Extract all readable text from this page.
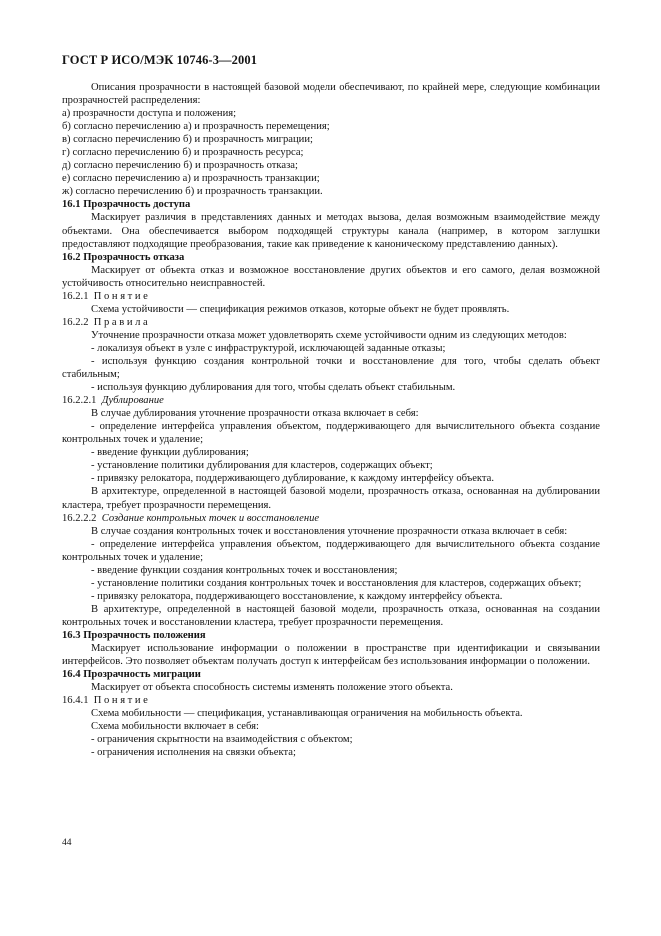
ГОСТ Р ИСО/МЭК 10746-3—2001

Описания прозрачности в настоящей базовой модели обеспечивают, по крайней мере, следующие комбинации прозрачностей распределения:

а) прозрачности доступа и положения;

б) согласно перечислению а) и прозрачность перемещения;

в) согласно перечислению б) и прозрачность миграции;

г) согласно перечислению б) и прозрачность ресурса;

д) согласно перечислению б) и прозрачность отказа;

е) согласно перечислению а) и прозрачность транзакции;

ж) согласно перечислению б) и прозрачность транзакции.

16.1 Прозрачность доступа

Маскирует различия в представлениях данных и методах вызова, делая возможным взаимодействие между объектами. Она обеспечивается выбором подходящей структуры канала (например, в котором заглушки предоставляют подходящие преобразования, такие как приведение к каноническому представлению данных).

16.2 Прозрачность отказа

Маскирует от объекта отказ и возможное восстановление других объектов и его самого, делая возможной устойчивость относительно неисправностей.

16.2.1 Понятие

Схема устойчивости — спецификация режимов отказов, которые объект не будет проявлять.

16.2.2 Правила

Уточнение прозрачности отказа может удовлетворять схеме устойчивости одним из следующих методов:

- локализуя объект в узле с инфраструктурой, исключающей заданные отказы;

- используя функцию создания контрольной точки и восстановление для того, чтобы сделать объект стабильным;

- используя функцию дублирования для того, чтобы сделать объект стабильным.

16.2.2.1 Дублирование

В случае дублирования уточнение прозрачности отказа включает в себя:

- определение интерфейса управления объектом, поддерживающего для вычислительного объекта создание контрольных точек и удаление;

- введение функции дублирования;

- установление политики дублирования для кластеров, содержащих объект;

- привязку релокатора, поддерживающего дублирование, к каждому интерфейсу объекта.

В архитектуре, определенной в настоящей базовой модели, прозрачность отказа, основанная на дублировании кластера, требует прозрачности перемещения.

16.2.2.2 Создание контрольных точек и восстановление

В случае создания контрольных точек и восстановления уточнение прозрачности отказа включает в себя:

- определение интерфейса управления объектом, поддерживающего для вычислительного объекта создание контрольных точек и удаление;

- введение функции создания контрольных точек и восстановления;

- установление политики создания контрольных точек и восстановления для кластеров, содержащих объект;

- привязку релокатора, поддерживающего восстановление, к каждому интерфейсу объекта.

В архитектуре, определенной в настоящей базовой модели, прозрачность отказа, основанная на создании контрольных точек и восстановлении кластера, требует прозрачности перемещения.

16.3 Прозрачность положения

Маскирует использование информации о положении в пространстве при идентификации и связывании интерфейсов. Это позволяет объектам получать доступ к интерфейсам без использования информации о положении.

16.4 Прозрачность миграции

Маскирует от объекта способность системы изменять положение этого объекта.

16.4.1 Понятие

Схема мобильности — спецификация, устанавливающая ограничения на мобильность объекта.

Схема мобильности включает в себя:

- ограничения скрытности на взаимодействия с объектом;

- ограничения исполнения на связки объекта;

44
